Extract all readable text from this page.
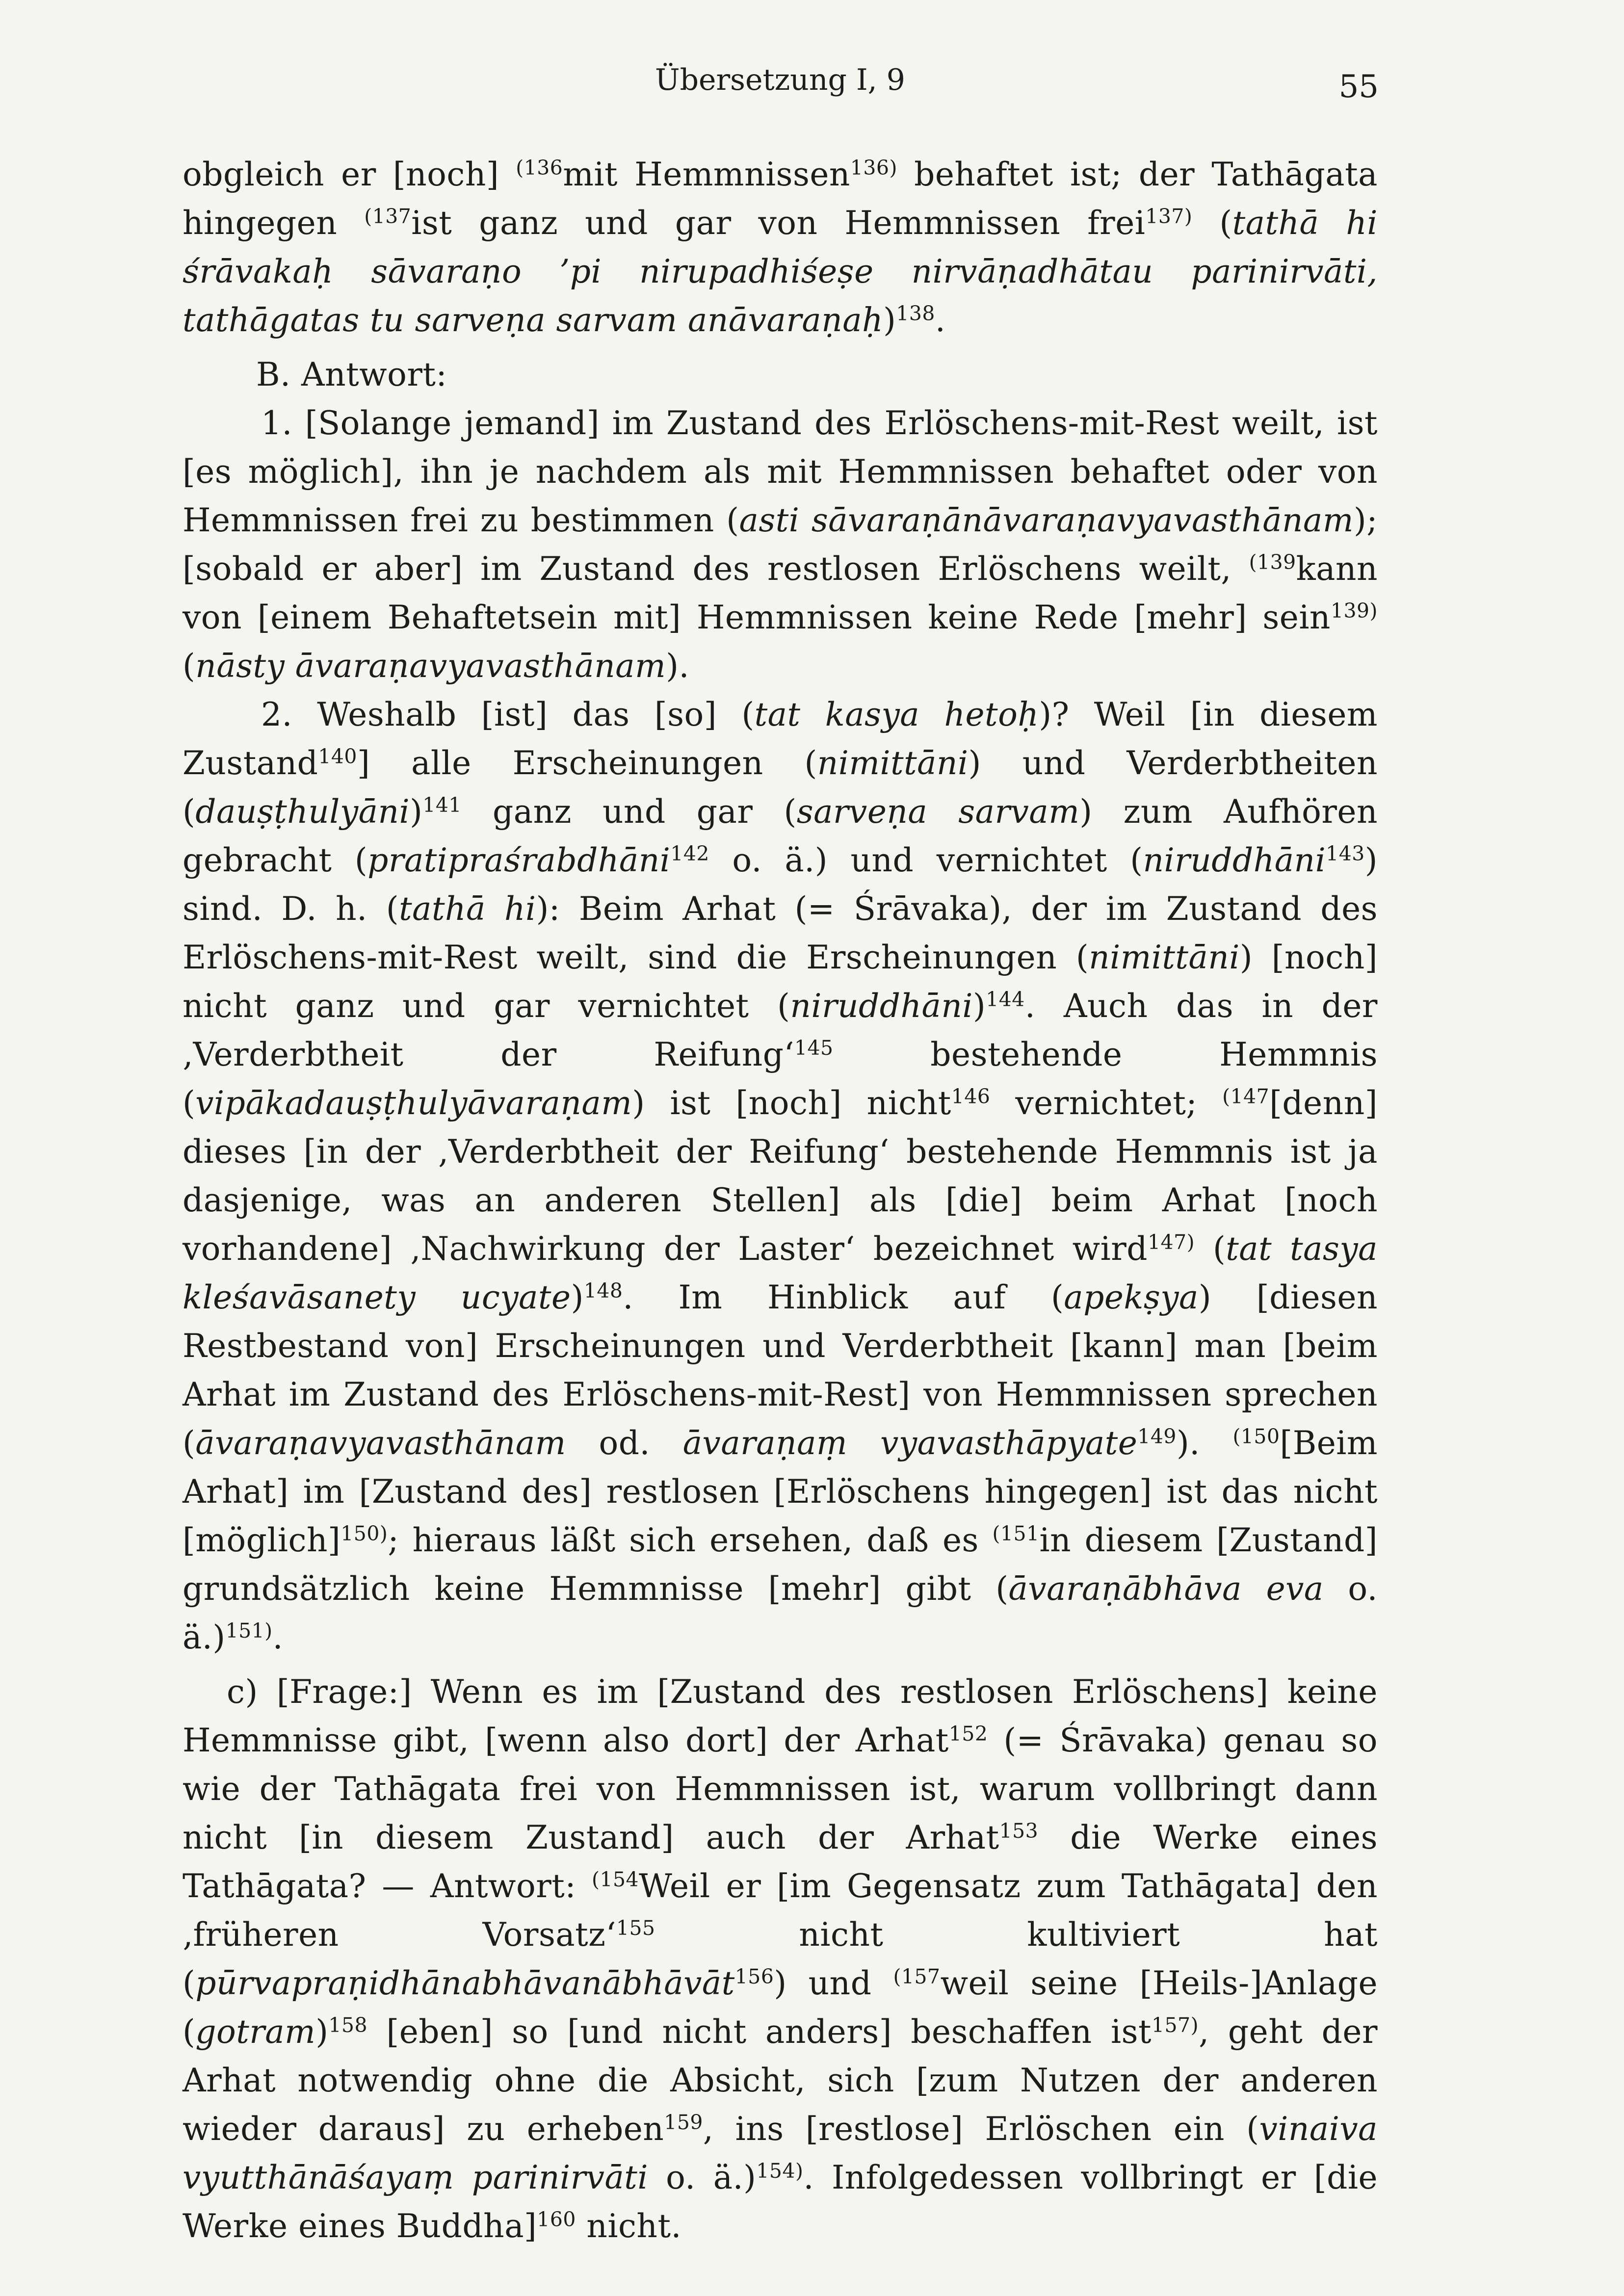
Übersetzung I, 9	55

obgleich er [noch] $^{(136}$mit Hemmnissen$^{136)}$ behaftet ist; der Tathāgata hingegen $^{(137}$ist ganz und gar von Hemmnissen frei$^{137)}$ (tathā hi śrāvakaḥ sāvaraṇo ’pi nirupadhiśeṣe nirvāṇadhātau parinirvāti, tathāgatas tu sarveṇa sarvam anāvaraṇaḥ)$^{138}$.

B. Antwort:

1. [Solange jemand] im Zustand des Erlöschens-mit-Rest weilt, ist [es möglich], ihn je nachdem als mit Hemmnissen behaftet oder von Hemmnissen frei zu bestimmen (asti sāvaraṇānāvaraṇavyavasthānam); [sobald er aber] im Zustand des restlosen Erlöschens weilt, $^{(139}$kann von [einem Behaftetsein mit] Hemmnissen keine Rede [mehr] sein$^{139)}$ (nāsty āvaraṇavyavasthānam).

2. Weshalb [ist] das [so] (tat kasya hetoḥ)? Weil [in diesem Zustand$^{140}$] alle Erscheinungen (nimittāni) und Verderbtheiten (dauṣṭhulyāni)$^{141}$ ganz und gar (sarveṇa sarvam) zum Aufhören gebracht (pratipraśrabdhāni$^{142}$ o. ä.) und vernichtet (niruddhāni$^{143}$) sind. D. h. (tathā hi): Beim Arhat (= Śrāvaka), der im Zustand des Erlöschens-mit-Rest weilt, sind die Erscheinungen (nimittāni) [noch] nicht ganz und gar vernichtet (niruddhāni)$^{144}$. Auch das in der ‚Verderbtheit der Reifung‘$^{145}$ bestehende Hemmnis (vipākadauṣṭhulyāvaraṇam) ist [noch] nicht$^{146}$ vernichtet; $^{(147}$[denn] dieses [in der ‚Verderbtheit der Reifung‘ bestehende Hemmnis ist ja dasjenige, was an anderen Stellen] als [die] beim Arhat [noch vorhandene] ‚Nachwirkung der Laster‘ bezeichnet wird$^{147)}$ (tat tasya kleśavāsanety ucyate)$^{148}$. Im Hinblick auf (apekṣya) [diesen Restbestand von] Erscheinungen und Verderbtheit [kann] man [beim Arhat im Zustand des Erlöschens-mit-Rest] von Hemmnissen sprechen (āvaraṇavyavasthānam od. āvaraṇaṃ vyavasthāpyate$^{149}$). $^{(150}$[Beim Arhat] im [Zustand des] restlosen [Erlöschens hingegen] ist das nicht [möglich]$^{150)}$; hieraus läßt sich ersehen, daß es $^{(151}$in diesem [Zustand] grundsätzlich keine Hemmnisse [mehr] gibt (āvaraṇābhāva eva o. ä.)$^{151)}$.

c) [Frage:] Wenn es im [Zustand des restlosen Erlöschens] keine Hemmnisse gibt, [wenn also dort] der Arhat$^{152}$ (= Śrāvaka) genau so wie der Tathāgata frei von Hemmnissen ist, warum vollbringt dann nicht [in diesem Zustand] auch der Arhat$^{153}$ die Werke eines Tathāgata? — Antwort: $^{(154}$Weil er [im Gegensatz zum Tathāgata] den ‚früheren Vorsatz‘$^{155}$ nicht kultiviert hat (pūrvapraṇidhānabhāvanābhāvāt$^{156}$) und $^{(157}$weil seine [Heils-]Anlage (gotram)$^{158}$ [eben] so [und nicht anders] beschaffen ist$^{157)}$, geht der Arhat notwendig ohne die Absicht, sich [zum Nutzen der anderen wieder daraus] zu erheben$^{159}$, ins [restlose] Erlöschen ein (vinaiva vyutthānāśayaṃ parinirvāti o. ä.)$^{154)}$. Infolgedessen vollbringt er [die Werke eines Buddha]$^{160}$ nicht.
